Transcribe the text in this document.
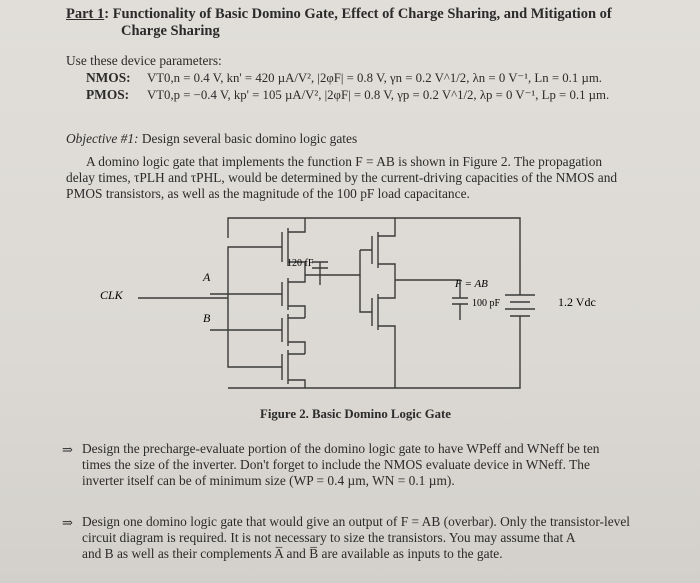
Part 1: Functionality of Basic Domino Gate, Effect of Charge Sharing, and Mitigation of
Charge Sharing
Use these device parameters:
NMOS: VT0,n = 0.4 V, kn' = 420 µA/V², |2φF| = 0.8 V, γn = 0.2 V^1/2, λn = 0 V⁻¹, Ln = 0.1 µm.
PMOS: VT0,p = −0.4 V, kp' = 105 µA/V², |2φF| = 0.8 V, γp = 0.2 V^1/2, λp = 0 V⁻¹, Lp = 0.1 µm.
Objective #1: Design several basic domino logic gates
A domino logic gate that implements the function F = AB is shown in Figure 2. The propagation
delay times, τPLH and τPHL, would be determined by the current-driving capacities of the NMOS and
PMOS transistors, as well as the magnitude of the 100 pF load capacitance.
120 fF
A
B
CLK
F = AB
100 pF	1.2 Vdc
Figure 2. Basic Domino Logic Gate
⇒ Design the precharge-evaluate portion of the domino logic gate to have WPeff and WNeff be ten
times the size of the inverter. Don't forget to include the NMOS evaluate device in WNeff. The
inverter itself can be of minimum size (WP = 0.4 µm, WN = 0.1 µm).
⇒ Design one domino logic gate that would give an output of F = AB (overbar). Only the transistor-level
circuit diagram is required. It is not necessary to size the transistors. You may assume that A
and B as well as their complements A̅ and B̅ are available as inputs to the gate.
